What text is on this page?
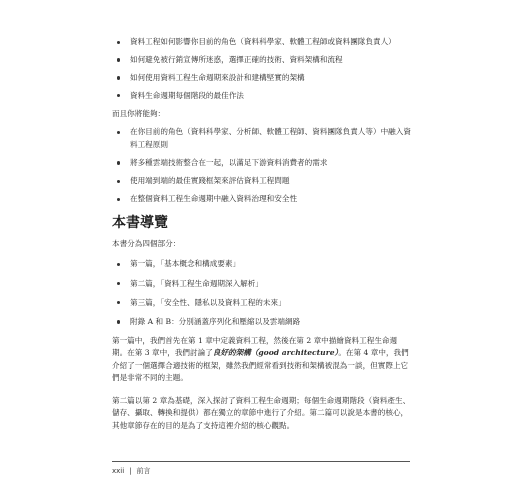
資料工程如何影響你目前的角色（資料科學家、軟體工程師或資料團隊負責人）
如何避免被行銷宣傳所迷惑，選擇正確的技術、資料架構和流程
如何使用資料工程生命週期來設計和建構堅實的架構
資料生命週期每個階段的最佳作法

而且你將能夠：

在你目前的角色（資料科學家、分析師、軟體工程師、資料團隊負責人等）中融入資料工程原則
將多種雲端技術整合在一起，以滿足下游資料消費者的需求
使用端到端的最佳實踐框架來評估資料工程問題
在整個資料工程生命週期中融入資料治理和安全性
本書導覽

本書分為四個部分：

第一篇，「基本概念和構成要素」
第二篇，「資料工程生命週期深入解析」
第三篇，「安全性、隱私以及資料工程的未來」
附錄 A 和 B：分別涵蓋序列化和壓縮以及雲端網路

第一篇中，我們首先在第 1 章中定義資料工程，然後在第 2 章中描繪資料工程生命週期。在第 3 章中，我們討論了良好的架構（good architecture）。在第 4 章中，我們介紹了一個選擇合適技術的框架，雖然我們經常看到技術和架構被混為一談，但實際上它們是非常不同的主題。

第二篇以第 2 章為基礎，深入探討了資料工程生命週期；每個生命週期階段（資料產生、儲存、攝取、轉換和提供）都在獨立的章節中進行了介紹。第二篇可以說是本書的核心，其他章節存在的目的是為了支持這裡介紹的核心觀點。

xxii | 前言
